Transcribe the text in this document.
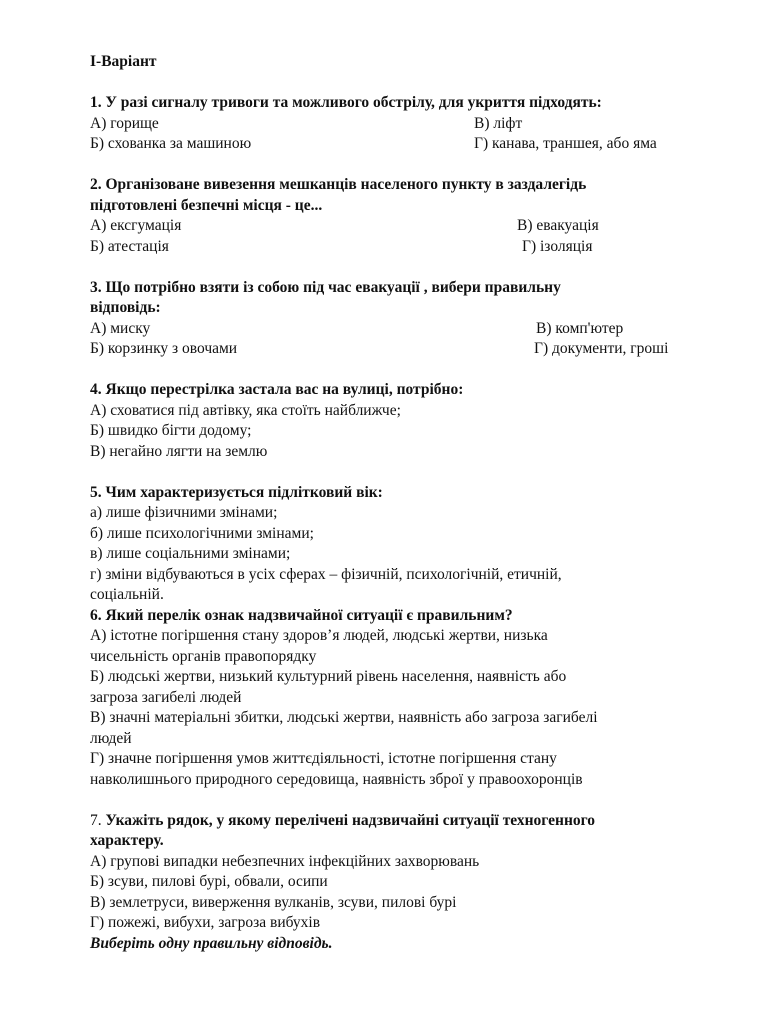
І-Варіант
1. У разі сигналу тривоги та можливого обстрілу, для укриття підходять:
А) горище	В) ліфт
Б) схованка за машиною	Г) канава, траншея, або яма
2. Організоване вивезення мешканців населеного пункту в заздалегідь
підготовлені безпечні місця - це...
А) ексгумація	В) евакуація
Б) атестація	Г) ізоляція
3. Що потрібно взяти із собою під час евакуації , вибери правильну
відповідь:
А) миску	В) комп'ютер
Б) корзинку з овочами	Г) документи, гроші
4. Якщо перестрілка застала вас на вулиці, потрібно:
А) сховатися під автівку, яка стоїть найближче;
Б) швидко бігти додому;
В) негайно лягти на землю
5. Чим характеризується підлітковий вік:
а) лише фізичними змінами;
б) лише психологічними змінами;
в) лише соціальними змінами;
г) зміни відбуваються в усіх сферах – фізичній, психологічній, етичній,
соціальній.
6. Який перелік ознак надзвичайної ситуації є правильним?
А) істотне погіршення стану здоров’я людей, людські жертви, низька
чисельність органів правопорядку
Б) людські жертви, низький культурний рівень населення, наявність або
загроза загибелі людей
В) значні матеріальні збитки, людські жертви, наявність або загроза загибелі
людей
Г) значне погіршення умов життєдіяльності, істотне погіршення стану
навколишнього природного середовища, наявність зброї у правоохоронців
7. Укажіть рядок, у якому перелічені надзвичайні ситуації техногенного
характеру.
А) групові випадки небезпечних інфекційних захворювань
Б) зсуви, пилові бурі, обвали, осипи
В) землетруси, виверження вулканів, зсуви, пилові бурі
Г) пожежі, вибухи, загроза вибухів
Виберіть одну правильну відповідь.
